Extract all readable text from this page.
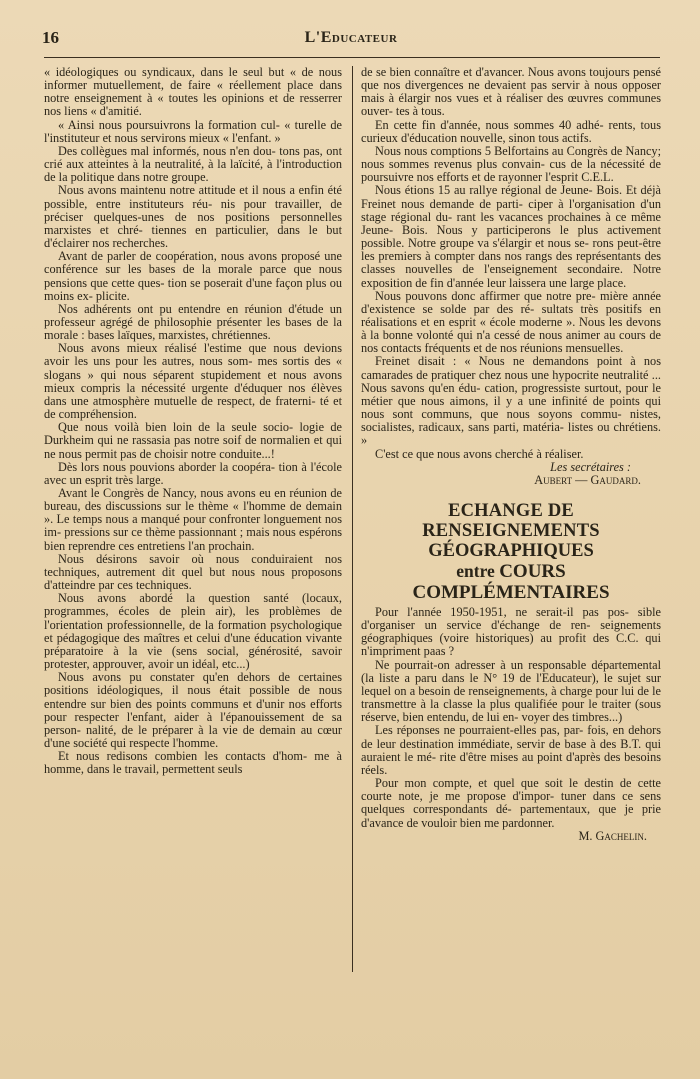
16	L'Educateur

« idéologiques ou syndicaux, dans le seul but « de nous informer mutuellement, de faire « réellement place dans notre enseignement à « toutes les opinions et de resserrer nos liens « d'amitié.

« Ainsi nous poursuivrons la formation cul- « turelle de l'instituteur et nous servirons mieux « l'enfant. »

Des collègues mal informés, nous n'en dou- tons pas, ont crié aux atteintes à la neutralité, à la laïcité, à l'introduction de la politique dans notre groupe.

Nous avons maintenu notre attitude et il nous a enfin été possible, entre instituteurs réu- nis pour travailler, de préciser quelques-unes de nos positions personnelles marxistes et chré- tiennes en particulier, dans le but d'éclairer nos recherches.

Avant de parler de coopération, nous avons proposé une conférence sur les bases de la morale parce que nous pensions que cette ques- tion se poserait d'une façon plus ou moins ex- plicite.

Nos adhérents ont pu entendre en réunion d'étude un professeur agrégé de philosophie présenter les bases de la morale : bases laïques, marxistes, chrétiennes.

Nous avons mieux réalisé l'estime que nous devions avoir les uns pour les autres, nous som- mes sortis des « slogans » qui nous séparent stupidement et nous avons mieux compris la nécessité urgente d'éduquer nos élèves dans une atmosphère mutuelle de respect, de fraterni- té et de compréhension.

Que nous voilà bien loin de la seule socio- logie de Durkheim qui ne rassasia pas notre soif de normalien et qui ne nous permit pas de choisir notre conduite...!

Dès lors nous pouvions aborder la coopéra- tion à l'école avec un esprit très large.

Avant le Congrès de Nancy, nous avons eu en réunion de bureau, des discussions sur le thème « l'homme de demain ». Le temps nous a manqué pour confronter longuement nos im- pressions sur ce thème passionnant ; mais nous espérons bien reprendre ces entretiens l'an prochain.

Nous désirons savoir où nous conduiraient nos techniques, autrement dit quel but nous nous proposons d'atteindre par ces techniques.

Nous avons abordé la question santé (locaux, programmes, écoles de plein air), les problèmes de l'orientation professionnelle, de la formation psychologique et pédagogique des maîtres et celui d'une éducation vivante préparatoire à la vie (sens social, générosité, savoir protester, approuver, avoir un idéal, etc...)

Nous avons pu constater qu'en dehors de certaines positions idéologiques, il nous était possible de nous entendre sur bien des points communs et d'unir nos efforts pour respecter l'enfant, aider à l'épanouissement de sa person- nalité, de le préparer à la vie de demain au cœur d'une société qui respecte l'homme.

Et nous redisons combien les contacts d'hom- me à homme, dans le travail, permettent seuls

de se bien connaître et d'avancer. Nous avons toujours pensé que nos divergences ne devaient pas servir à nous opposer mais à élargir nos vues et à réaliser des œuvres communes ouver- tes à tous.

En cette fin d'année, nous sommes 40 adhé- rents, tous curieux d'éducation nouvelle, sinon tous actifs.

Nous nous comptions 5 Belfortains au Congrès de Nancy; nous sommes revenus plus convain- cus de la nécessité de poursuivre nos efforts et de rayonner l'esprit C.E.L.

Nous étions 15 au rallye régional de Jeune- Bois. Et déjà Freinet nous demande de parti- ciper à l'organisation d'un stage régional du- rant les vacances prochaines à ce même Jeune- Bois. Nous y participerons le plus activement possible. Notre groupe va s'élargir et nous se- rons peut-être les premiers à compter dans nos rangs des représentants des classes nouvelles de l'enseignement secondaire. Notre exposition de fin d'année leur laissera une large place.

Nous pouvons donc affirmer que notre pre- mière année d'existence se solde par des ré- sultats très positifs en réalisations et en esprit « école moderne ». Nous les devons à la bonne volonté qui n'a cessé de nous animer au cours de nos contacts fréquents et de nos réunions mensuelles.

Freinet disait : « Nous ne demandons point à nos camarades de pratiquer chez nous une hypocrite neutralité ... Nous savons qu'en édu- cation, progressiste surtout, pour le métier que nous aimons, il y a une infinité de points qui nous sont communs, que nous soyons commu- nistes, socialistes, radicaux, sans parti, matéria- listes ou chrétiens. »

C'est ce que nous avons cherché à réaliser.

Les secrétaires :
Aubert — Gaudard.
ECHANGE DE RENSEIGNEMENTS
GÉOGRAPHIQUES
entre COURS COMPLÉMENTAIRES

Pour l'année 1950-1951, ne serait-il pas pos- sible d'organiser un service d'échange de ren- seignements géographiques (voire historiques) au profit des C.C. qui n'impriment paas ?

Ne pourrait-on adresser à un responsable départemental (la liste a paru dans le N° 19 de l'Educateur), le sujet sur lequel on a besoin de renseignements, à charge pour lui de le transmettre à la classe la plus qualifiée pour le traiter (sous réserve, bien entendu, de lui en- voyer des timbres...)

Les réponses ne pourraient-elles pas, par- fois, en dehors de leur destination immédiate, servir de base à des B.T. qui auraient le mé- rite d'être mises au point d'après des besoins réels.

Pour mon compte, et quel que soit le destin de cette courte note, je me propose d'impor- tuner dans ce sens quelques correspondants dé- partementaux, que je prie d'avance de vouloir bien me pardonner.

M. Gachelin.
